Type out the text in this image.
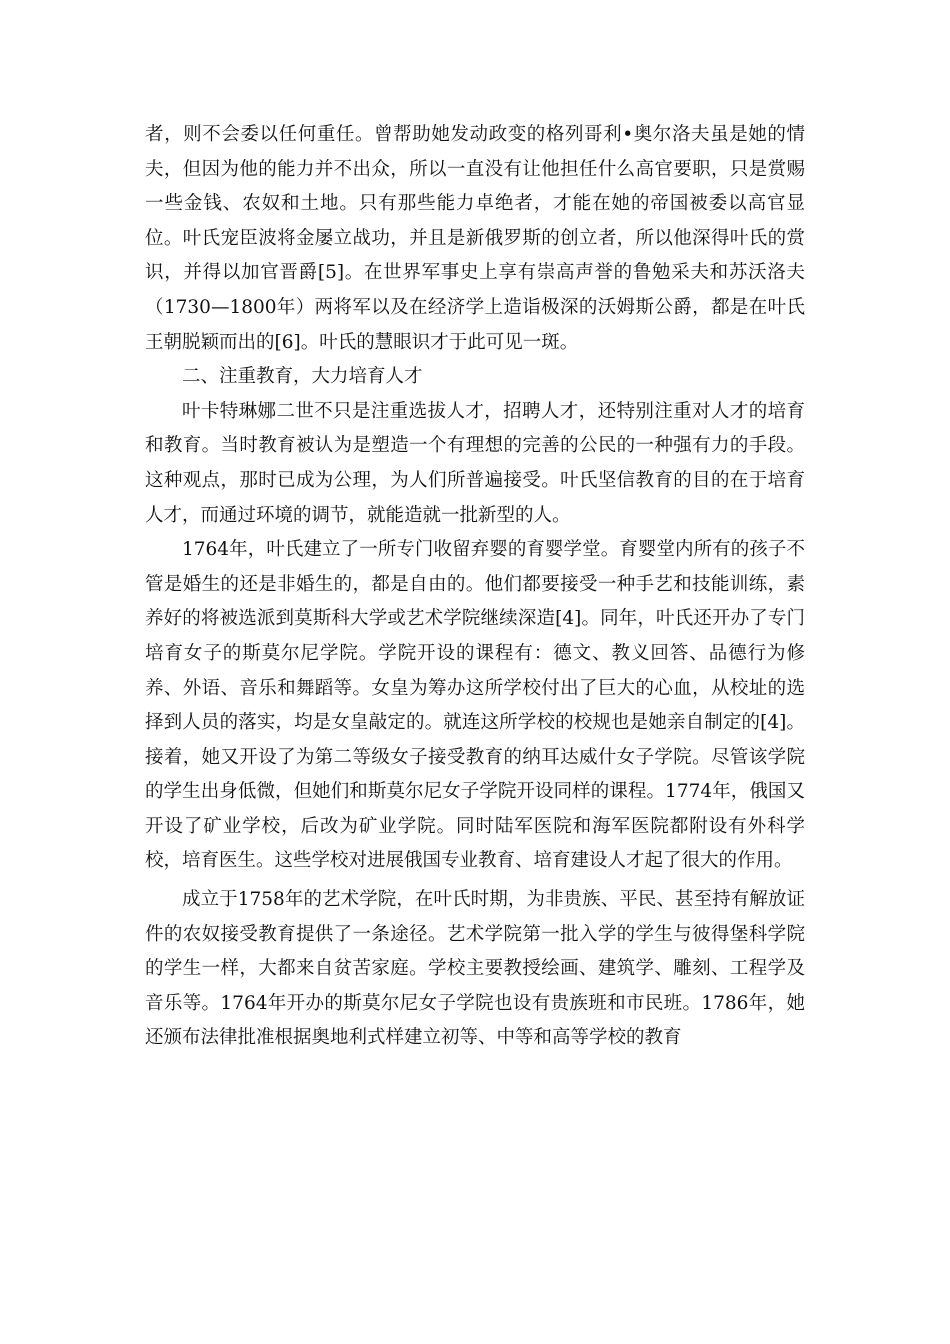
者，则不会委以任何重任。曾帮助她发动政变的格列哥利•奥尔洛夫虽是她的情夫，但因为他的能力并不出众，所以一直没有让他担任什么高官要职，只是赏赐一些金钱、农奴和土地。只有那些能力卓绝者，才能在她的帝国被委以高官显位。叶氏宠臣波将金屡立战功，并且是新俄罗斯的创立者，所以他深得叶氏的赏识，并得以加官晋爵[5]。在世界军事史上享有崇高声誉的鲁勉采夫和苏沃洛夫（1730—1800年）两将军以及在经济学上造诣极深的沃姆斯公爵，都是在叶氏王朝脱颖而出的[6]。叶氏的慧眼识才于此可见一斑。

二、注重教育，大力培育人才

叶卡特琳娜二世不只是注重选拔人才，招聘人才，还特别注重对人才的培育和教育。当时教育被认为是塑造一个有理想的完善的公民的一种强有力的手段。这种观点，那时已成为公理，为人们所普遍接受。叶氏坚信教育的目的在于培育人才，而通过环境的调节，就能造就一批新型的人。

1764年，叶氏建立了一所专门收留弃婴的育婴学堂。育婴堂内所有的孩子不管是婚生的还是非婚生的，都是自由的。他们都要接受一种手艺和技能训练，素养好的将被选派到莫斯科大学或艺术学院继续深造[4]。同年，叶氏还开办了专门培育女子的斯莫尔尼学院。学院开设的课程有：德文、教义回答、品德行为修养、外语、音乐和舞蹈等。女皇为筹办这所学校付出了巨大的心血，从校址的选择到人员的落实，均是女皇敲定的。就连这所学校的校规也是她亲自制定的[4]。接着，她又开设了为第二等级女子接受教育的纳耳达威什女子学院。尽管该学院的学生出身低微，但她们和斯莫尔尼女子学院开设同样的课程。1774年，俄国又开设了矿业学校，后改为矿业学院。同时陆军医院和海军医院都附设有外科学校，培育医生。这些学校对进展俄国专业教育、培育建设人才起了很大的作用。

成立于1758年的艺术学院，在叶氏时期，为非贵族、平民、甚至持有解放证件的农奴接受教育提供了一条途径。艺术学院第一批入学的学生与彼得堡科学院的学生一样，大都来自贫苦家庭。学校主要教授绘画、建筑学、雕刻、工程学及音乐等。1764年开办的斯莫尔尼女子学院也设有贵族班和市民班。1786年，她还颁布法律批准根据奥地利式样建立初等、中等和高等学校的教育
